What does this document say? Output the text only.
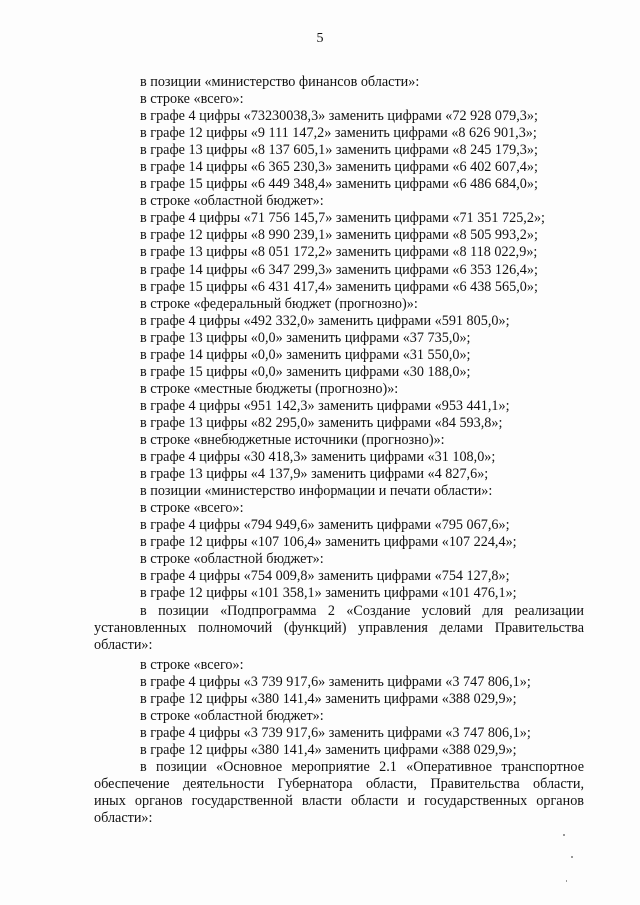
5
в позиции «министерство финансов области»:
в строке «всего»:
в графе 4 цифры «73230038,3» заменить цифрами «72 928 079,3»;
в графе 12 цифры «9 111 147,2» заменить цифрами «8 626 901,3»;
в графе 13 цифры «8 137 605,1» заменить цифрами «8 245 179,3»;
в графе 14 цифры «6 365 230,3» заменить цифрами «6 402 607,4»;
в графе 15 цифры «6 449 348,4» заменить цифрами «6 486 684,0»;
в строке «областной бюджет»:
в графе 4 цифры «71 756 145,7» заменить цифрами «71 351 725,2»;
в графе 12 цифры «8 990 239,1» заменить цифрами «8 505 993,2»;
в графе 13 цифры «8 051 172,2» заменить цифрами «8 118 022,9»;
в графе 14 цифры «6 347 299,3» заменить цифрами «6 353 126,4»;
в графе 15 цифры «6 431 417,4» заменить цифрами «6 438 565,0»;
в строке «федеральный бюджет (прогнозно)»:
в графе 4 цифры «492 332,0» заменить цифрами «591 805,0»;
в графе 13 цифры «0,0» заменить цифрами «37 735,0»;
в графе 14 цифры «0,0» заменить цифрами «31 550,0»;
в графе 15 цифры «0,0» заменить цифрами «30 188,0»;
в строке «местные бюджеты (прогнозно)»:
в графе 4 цифры «951 142,3» заменить цифрами «953 441,1»;
в графе 13 цифры «82 295,0» заменить цифрами «84 593,8»;
в строке «внебюджетные источники (прогнозно)»:
в графе 4 цифры «30 418,3» заменить цифрами «31 108,0»;
в графе 13 цифры «4 137,9» заменить цифрами «4 827,6»;
в позиции «министерство информации и печати области»:
в строке «всего»:
в графе 4 цифры «794 949,6» заменить цифрами «795 067,6»;
в графе 12 цифры «107 106,4» заменить цифрами «107 224,4»;
в строке «областной бюджет»:
в графе 4 цифры «754 009,8» заменить цифрами «754 127,8»;
в графе 12 цифры «101 358,1» заменить цифрами «101 476,1»;
в позиции «Подпрограмма 2 «Создание условий для реализации
установленных полномочий (функций) управления делами Правительства
области»:
в строке «всего»:
в графе 4 цифры «3 739 917,6» заменить цифрами «3 747 806,1»;
в графе 12 цифры «380 141,4» заменить цифрами «388 029,9»;
в строке «областной бюджет»:
в графе 4 цифры «3 739 917,6» заменить цифрами «3 747 806,1»;
в графе 12 цифры «380 141,4» заменить цифрами «388 029,9»;
в позиции «Основное мероприятие 2.1 «Оперативное транспортное
обеспечение деятельности Губернатора области, Правительства области,
иных органов государственной власти области и государственных органов
области»:
